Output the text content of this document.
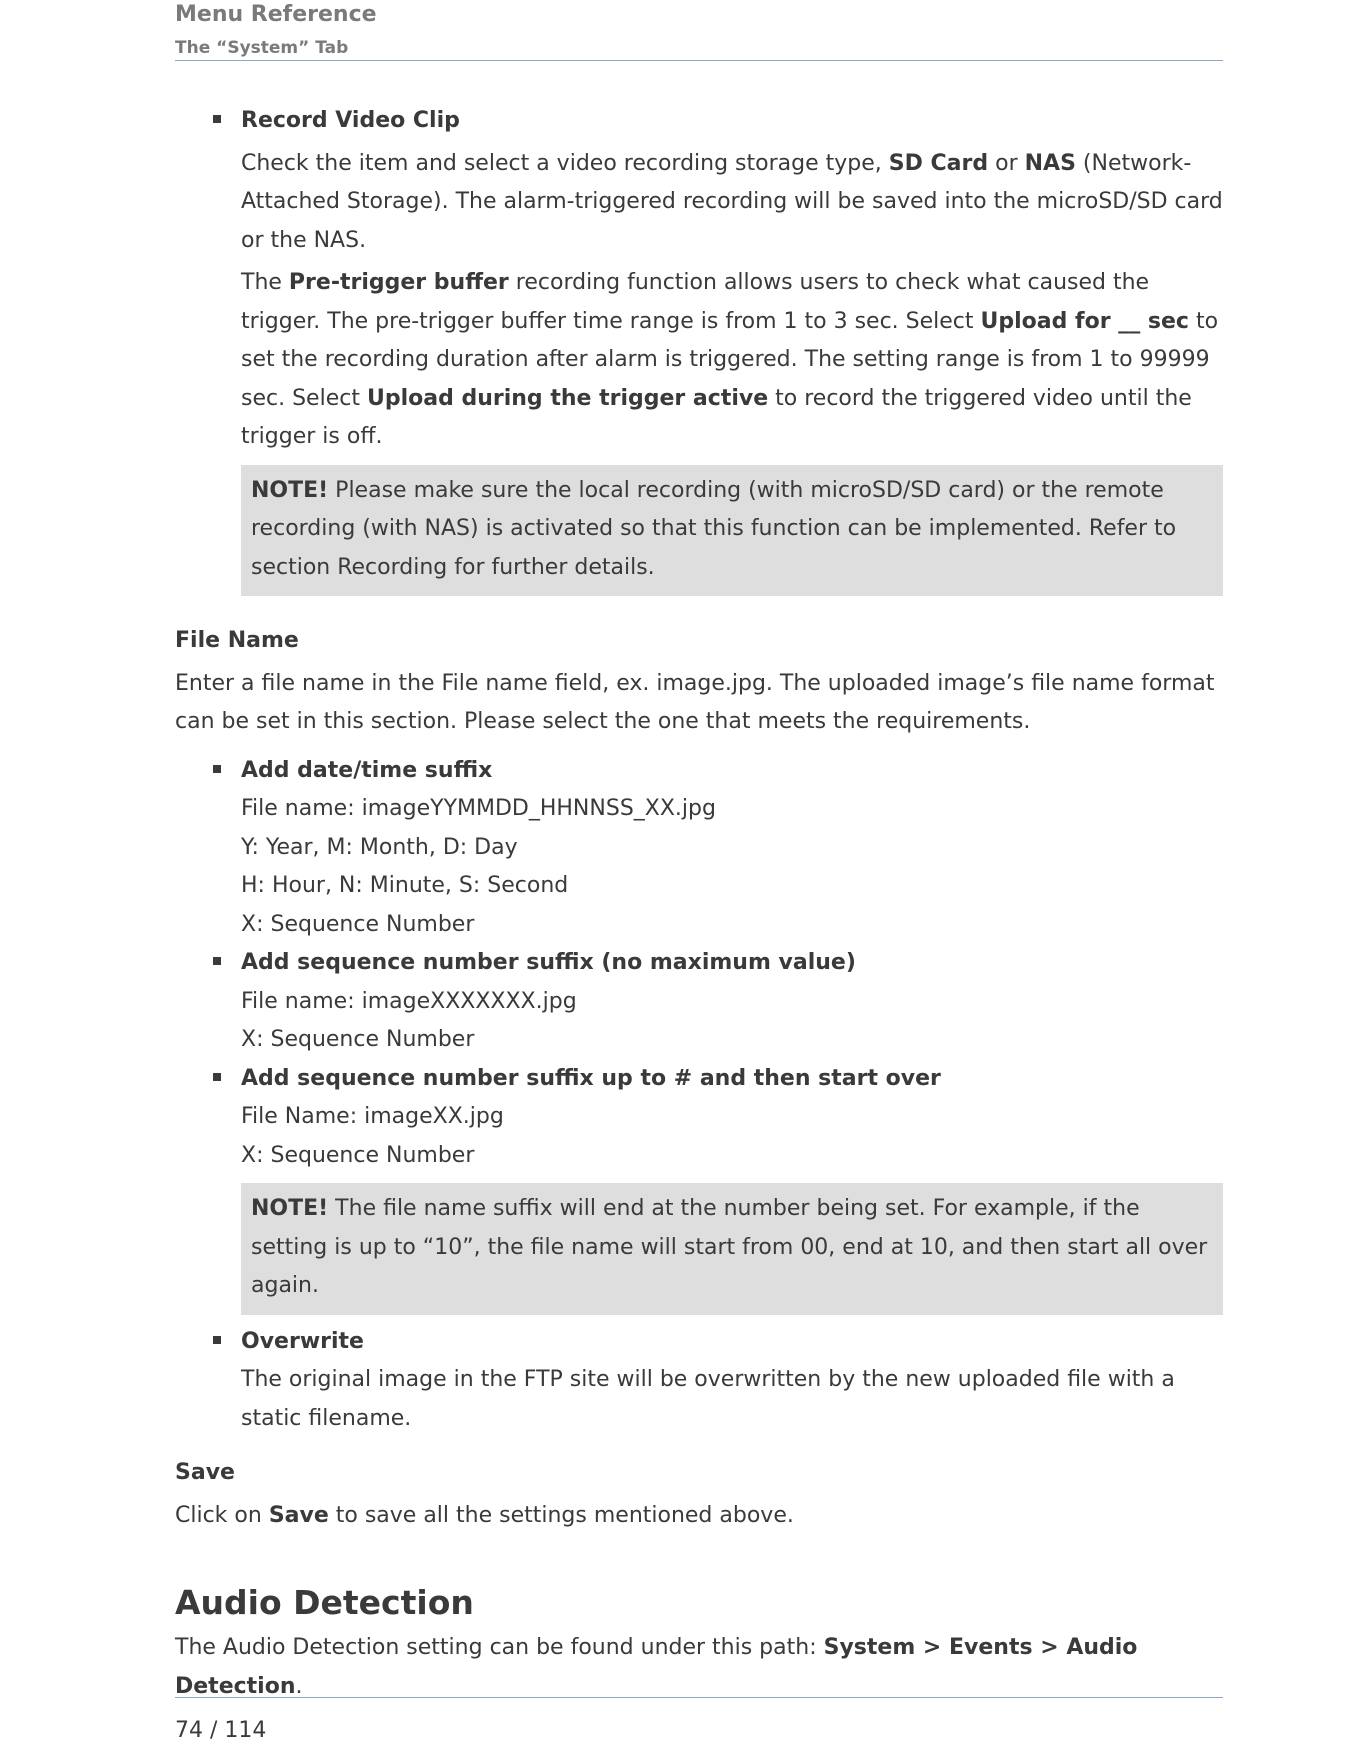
Menu Reference
The “System” Tab

Record Video Clip

Check the item and select a video recording storage type, SD Card or NAS (Network-Attached Storage). The alarm-triggered recording will be saved into the microSD/SD card or the NAS.

The Pre-trigger buffer recording function allows users to check what caused the trigger. The pre-trigger buffer time range is from 1 to 3 sec. Select Upload for __ sec to set the recording duration after alarm is triggered. The setting range is from 1 to 99999 sec. Select Upload during the trigger active to record the triggered video until the trigger is off.

NOTE! Please make sure the local recording (with microSD/SD card) or the remote recording (with NAS) is activated so that this function can be implemented. Refer to section Recording for further details.

File Name

Enter a file name in the File name field, ex. image.jpg. The uploaded image’s file name format can be set in this section. Please select the one that meets the requirements.

Add date/time suffix

File name: imageYYMMDD_HHNNSS_XX.jpg

Y: Year, M: Month, D: Day

H: Hour, N: Minute, S: Second

X: Sequence Number

Add sequence number suffix (no maximum value)

File name: imageXXXXXXX.jpg

X: Sequence Number

Add sequence number suffix up to # and then start over

File Name: imageXX.jpg

X: Sequence Number

NOTE! The file name suffix will end at the number being set. For example, if the setting is up to “10”, the file name will start from 00, end at 10, and then start all over again.

Overwrite

The original image in the FTP site will be overwritten by the new uploaded file with a static filename.

Save

Click on Save to save all the settings mentioned above.

Audio Detection

The Audio Detection setting can be found under this path: System > Events > Audio Detection.

74 / 114
